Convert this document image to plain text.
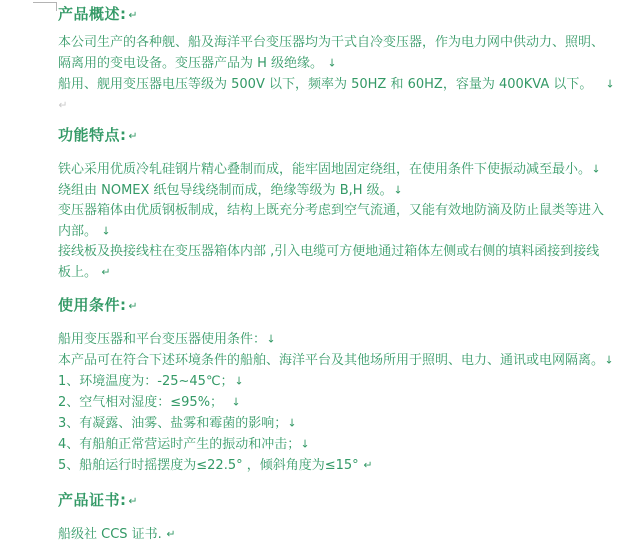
产品概述: ↵
本公司生产的各种舰、船及海洋平台变压器均为干式自冷变压器，作为电力网中供动力、照明、
隔离用的变电设备。变压器产品为 H 级绝缘。 ↓
船用、舰用变压器电压等级为 500V 以下，频率为 50HZ 和 60HZ，容量为 400KVA 以下。   ↓
↵
功能特点: ↵
铁心采用优质冷轧硅钢片精心叠制而成，能牢固地固定绕组，在使用条件下使振动减至最小。↓
绕组由 NOMEX 纸包导线绕制而成，绝缘等级为 B,H 级。↓
变压器箱体由优质钢板制成，结构上既充分考虑到空气流通，又能有效地防滴及防止鼠类等进入
内部。 ↓
接线板及换接线柱在变压器箱体内部 ,引入电缆可方便地通过箱体左侧或右侧的填料函接到接线
板上。 ↵
使用条件: ↵
船用变压器和平台变压器使用条件：↓
本产品可在符合下述环境条件的船舶、海洋平台及其他场所用于照明、电力、通讯或电网隔离。↓
1、环境温度为：-25~45℃；↓
2、空气相对湿度：≤95%；  ↓
3、有凝露、油雾、盐雾和霉菌的影响；↓
4、有船舶正常营运时产生的振动和冲击；↓
5、船舶运行时摇摆度为≤22.5° ，倾斜角度为≤15° ↵
产品证书: ↵
船级社 CCS 证书. ↵
